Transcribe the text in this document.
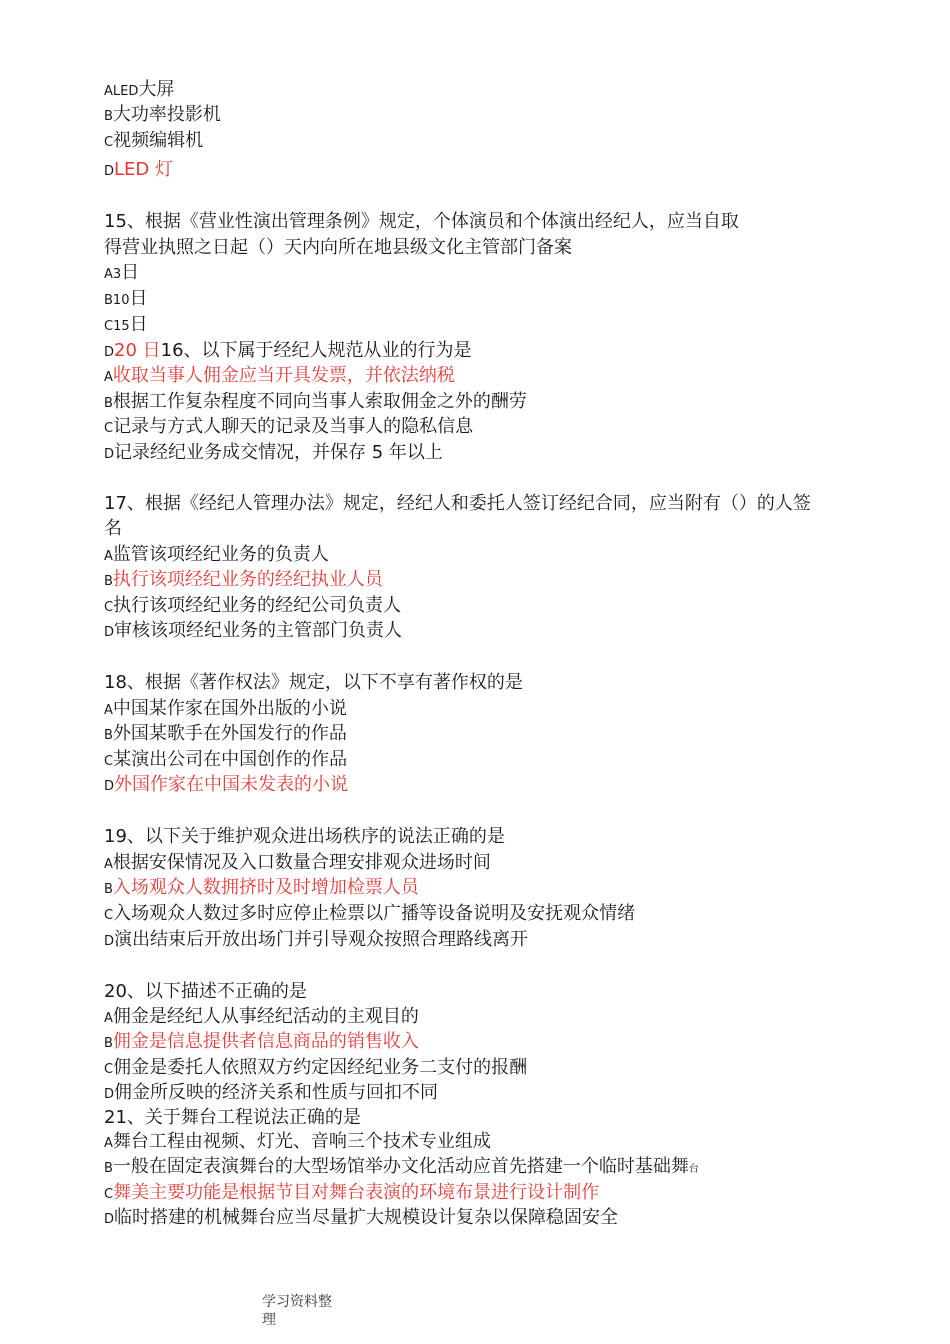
ALED大屏
B大功率投影机
C视频编辑机
DLED 灯
15、根据《营业性演出管理条例》规定，个体演员和个体演出经纪人，应当自取
得营业执照之日起（）天内向所在地县级文化主管部门备案
A3日
B10日
C15日
D20 日16、以下属于经纪人规范从业的行为是
A收取当事人佣金应当开具发票，并依法纳税
B根据工作复杂程度不同向当事人索取佣金之外的酬劳
C记录与方式人聊天的记录及当事人的隐私信息
D记录经纪业务成交情况，并保存 5 年以上
17、根据《经纪人管理办法》规定，经纪人和委托人签订经纪合同，应当附有（）的人签
名
A监管该项经纪业务的负责人
B执行该项经纪业务的经纪执业人员
C执行该项经纪业务的经纪公司负责人
D审核该项经纪业务的主管部门负责人
18、根据《著作权法》规定，以下不享有著作权的是
A中国某作家在国外出版的小说
B外国某歌手在外国发行的作品
C某演出公司在中国创作的作品
D外国作家在中国未发表的小说
19、以下关于维护观众进出场秩序的说法正确的是
A根据安保情况及入口数量合理安排观众进场时间
B入场观众人数拥挤时及时增加检票人员
C入场观众人数过多时应停止检票以广播等设备说明及安抚观众情绪
D演出结束后开放出场门并引导观众按照合理路线离开
20、以下描述不正确的是
A佣金是经纪人从事经纪活动的主观目的
B佣金是信息提供者信息商品的销售收入
C佣金是委托人依照双方约定因经纪业务二支付的报酬
D佣金所反映的经济关系和性质与回扣不同
21、关于舞台工程说法正确的是
A舞台工程由视频、灯光、音响三个技术专业组成
B一般在固定表演舞台的大型场馆举办文化活动应首先搭建一个临时基础舞台
C舞美主要功能是根据节目对舞台表演的环境布景进行设计制作
D临时搭建的机械舞台应当尽量扩大规模设计复杂以保障稳固安全
学习资料整
理
